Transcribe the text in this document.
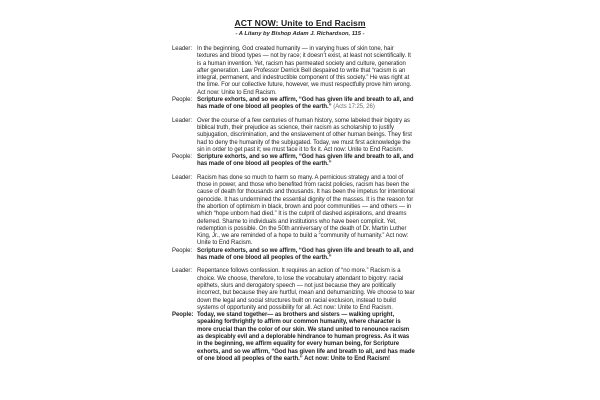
ACT NOW: Unite to End Racism
- A Litany by Bishop Adam J. Richardson, 115 -
Leader: In the beginning, God created humanity — in varying hues of skin tone, hair textures and blood types — not by race; it doesn’t exist, at least not scientifically. It is a human invention. Yet, racism has permeated society and culture, generation after generation. Law Professor Derrick Bell despaired to write that “racism is an integral, permanent, and indestructible component of this society.” He was right at the time. For our collective future, however, we must respectfully prove him wrong. Act now: Unite to End Racism.
People: Scripture exhorts, and so we affirm, “God has given life and breath to all, and has made of one blood all peoples of the earth.” (Acts 17:25, 26)
Leader: Over the course of a few centuries of human history, some labeled their bigotry as biblical truth, their prejudice as science, their racism as scholarship to justify subjugation, discrimination, and the enslavement of other human beings. They first had to deny the humanity of the subjugated. Today, we must first acknowledge the sin in order to get past it; we must face it to fix it. Act now: Unite to End Racism.
People: Scripture exhorts, and so we affirm, “God has given life and breath to all, and has made of one blood all peoples of the earth.”
Leader: Racism has done so much to harm so many. A pernicious strategy and a tool of those in power, and those who benefited from racist policies, racism has been the cause of death for thousands and thousands. It has been the impetus for intentional genocide. It has undermined the essential dignity of the masses. It is the reason for the abortion of optimism in black, brown and poor communities — and others — in which “hope unborn had died.” It is the culprit of dashed aspirations, and dreams deferred. Shame to individuals and institutions who have been complicit. Yet, redemption is possible. On the 50th anniversary of the death of Dr. Martin Luther King, Jr., we are reminded of a hope to build a “community of humanity.” Act now: Unite to End Racism.
People: Scripture exhorts, and so we affirm, “God has given life and breath to all, and has made of one blood all peoples of the earth.”
Leader: Repentance follows confession. It requires an action of “no more.” Racism is a choice. We choose, therefore, to lose the vocabulary attendant to bigotry: racial epithets, slurs and derogatory speech — not just because they are politically incorrect, but because they are hurtful, mean and dehumanizing. We choose to tear down the legal and social structures built on racial exclusion, instead to build systems of opportunity and possibility for all. Act now: Unite to End Racism.
People: Today, we stand together— as brothers and sisters — walking upright, speaking forthrightly to affirm our common humanity, where character is more crucial than the color of our skin. We stand united to renounce racism as despicably evil and a deplorable hindrance to human progress. As it was in the beginning, we affirm equality for every human being, for Scripture exhorts, and so we affirm, “God has given life and breath to all, and has made of one blood all peoples of the earth.” Act now: Unite to End Racism!
